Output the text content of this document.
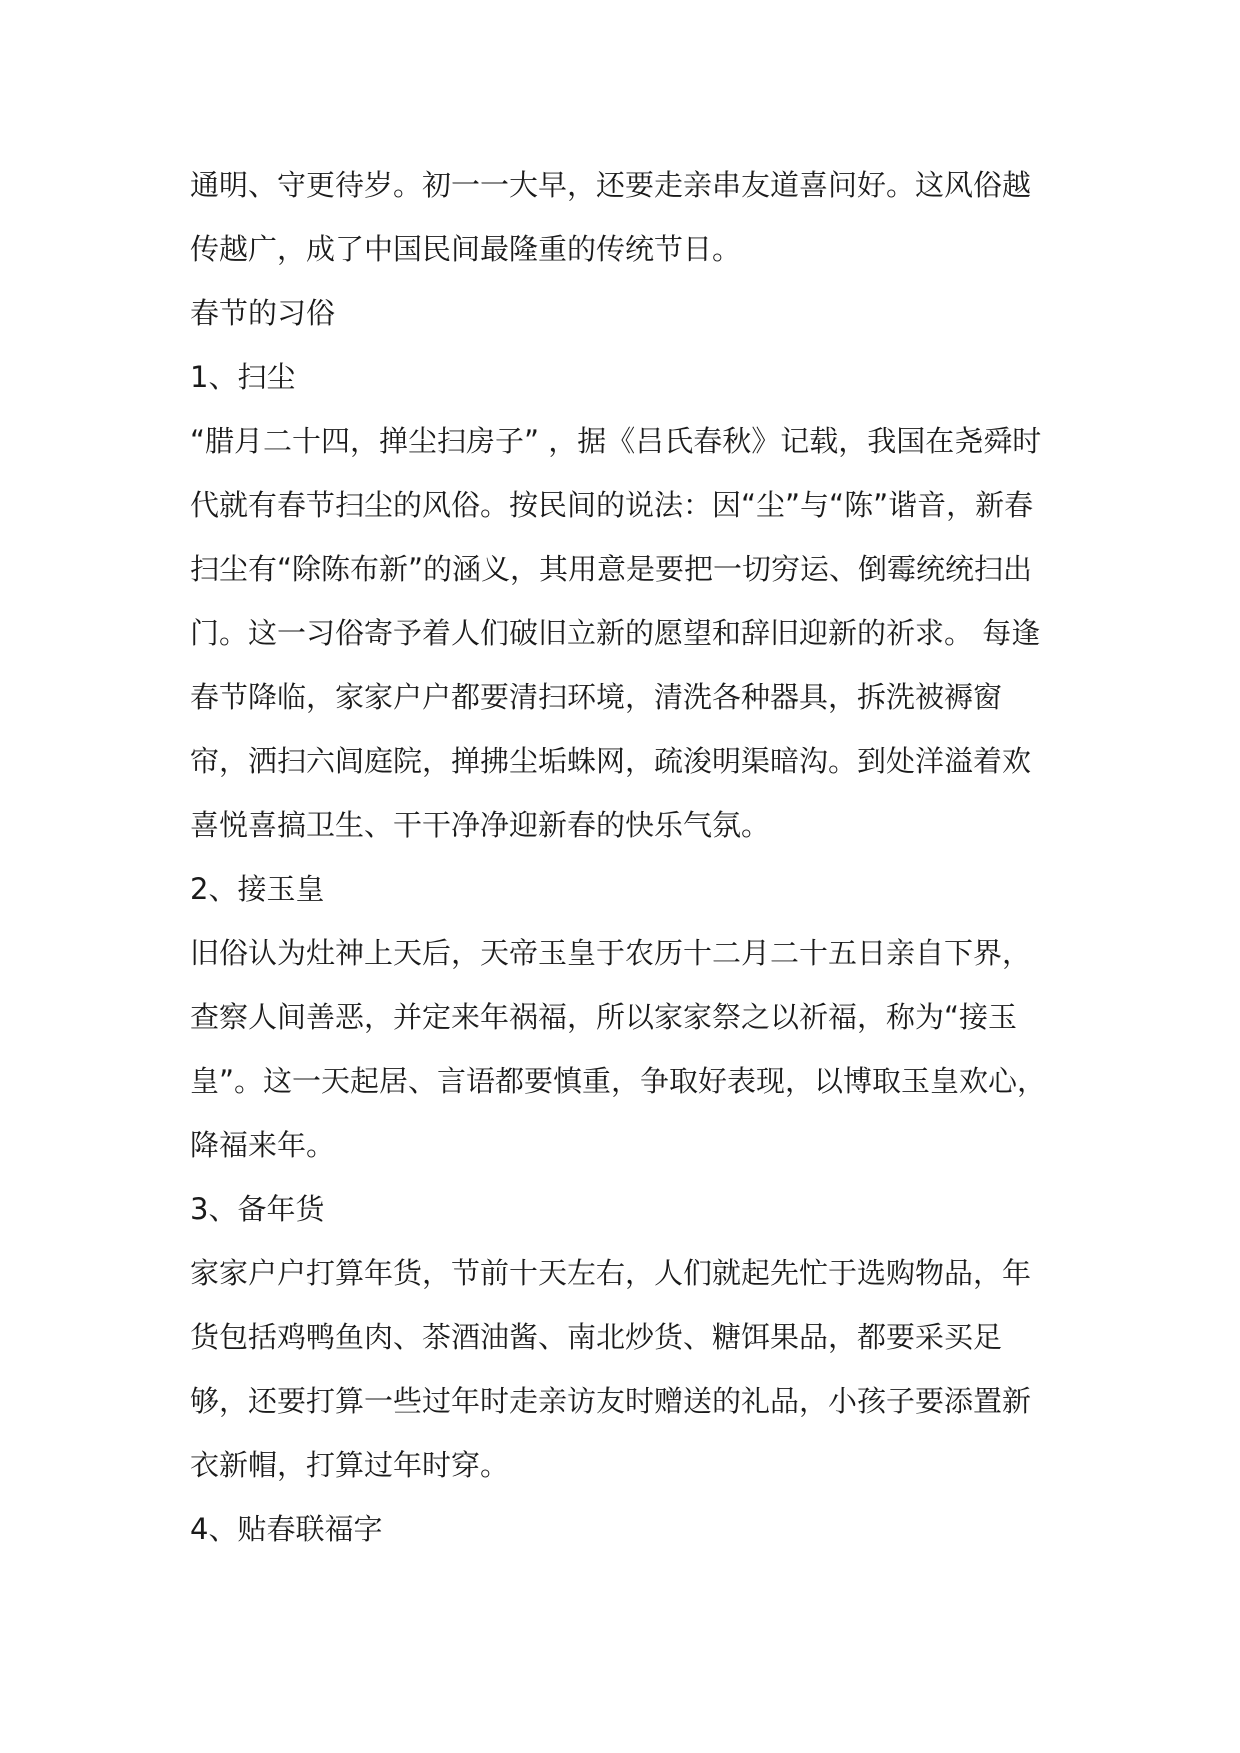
通明、守更待岁。初一一大早，还要走亲串友道喜问好。这风俗越
传越广，成了中国民间最隆重的传统节日。
春节的习俗
1、扫尘
“腊月二十四，掸尘扫房子” ，据《吕氏春秋》记载，我国在尧舜时
代就有春节扫尘的风俗。按民间的说法：因“尘”与“陈”谐音，新春
扫尘有“除陈布新”的涵义，其用意是要把一切穷运、倒霉统统扫出
门。这一习俗寄予着人们破旧立新的愿望和辞旧迎新的祈求。 每逢
春节降临，家家户户都要清扫环境，清洗各种器具，拆洗被褥窗
帘，洒扫六闾庭院，掸拂尘垢蛛网，疏浚明渠暗沟。到处洋溢着欢
喜悦喜搞卫生、干干净净迎新春的快乐气氛。
2、接玉皇
旧俗认为灶神上天后，天帝玉皇于农历十二月二十五日亲自下界，
查察人间善恶，并定来年祸福，所以家家祭之以祈福，称为“接玉
皇”。这一天起居、言语都要慎重，争取好表现，以博取玉皇欢心，
降福来年。
3、备年货
家家户户打算年货，节前十天左右，人们就起先忙于选购物品，年
货包括鸡鸭鱼肉、茶酒油酱、南北炒货、糖饵果品，都要采买足
够，还要打算一些过年时走亲访友时赠送的礼品，小孩子要添置新
衣新帽，打算过年时穿。
4、贴春联福字
